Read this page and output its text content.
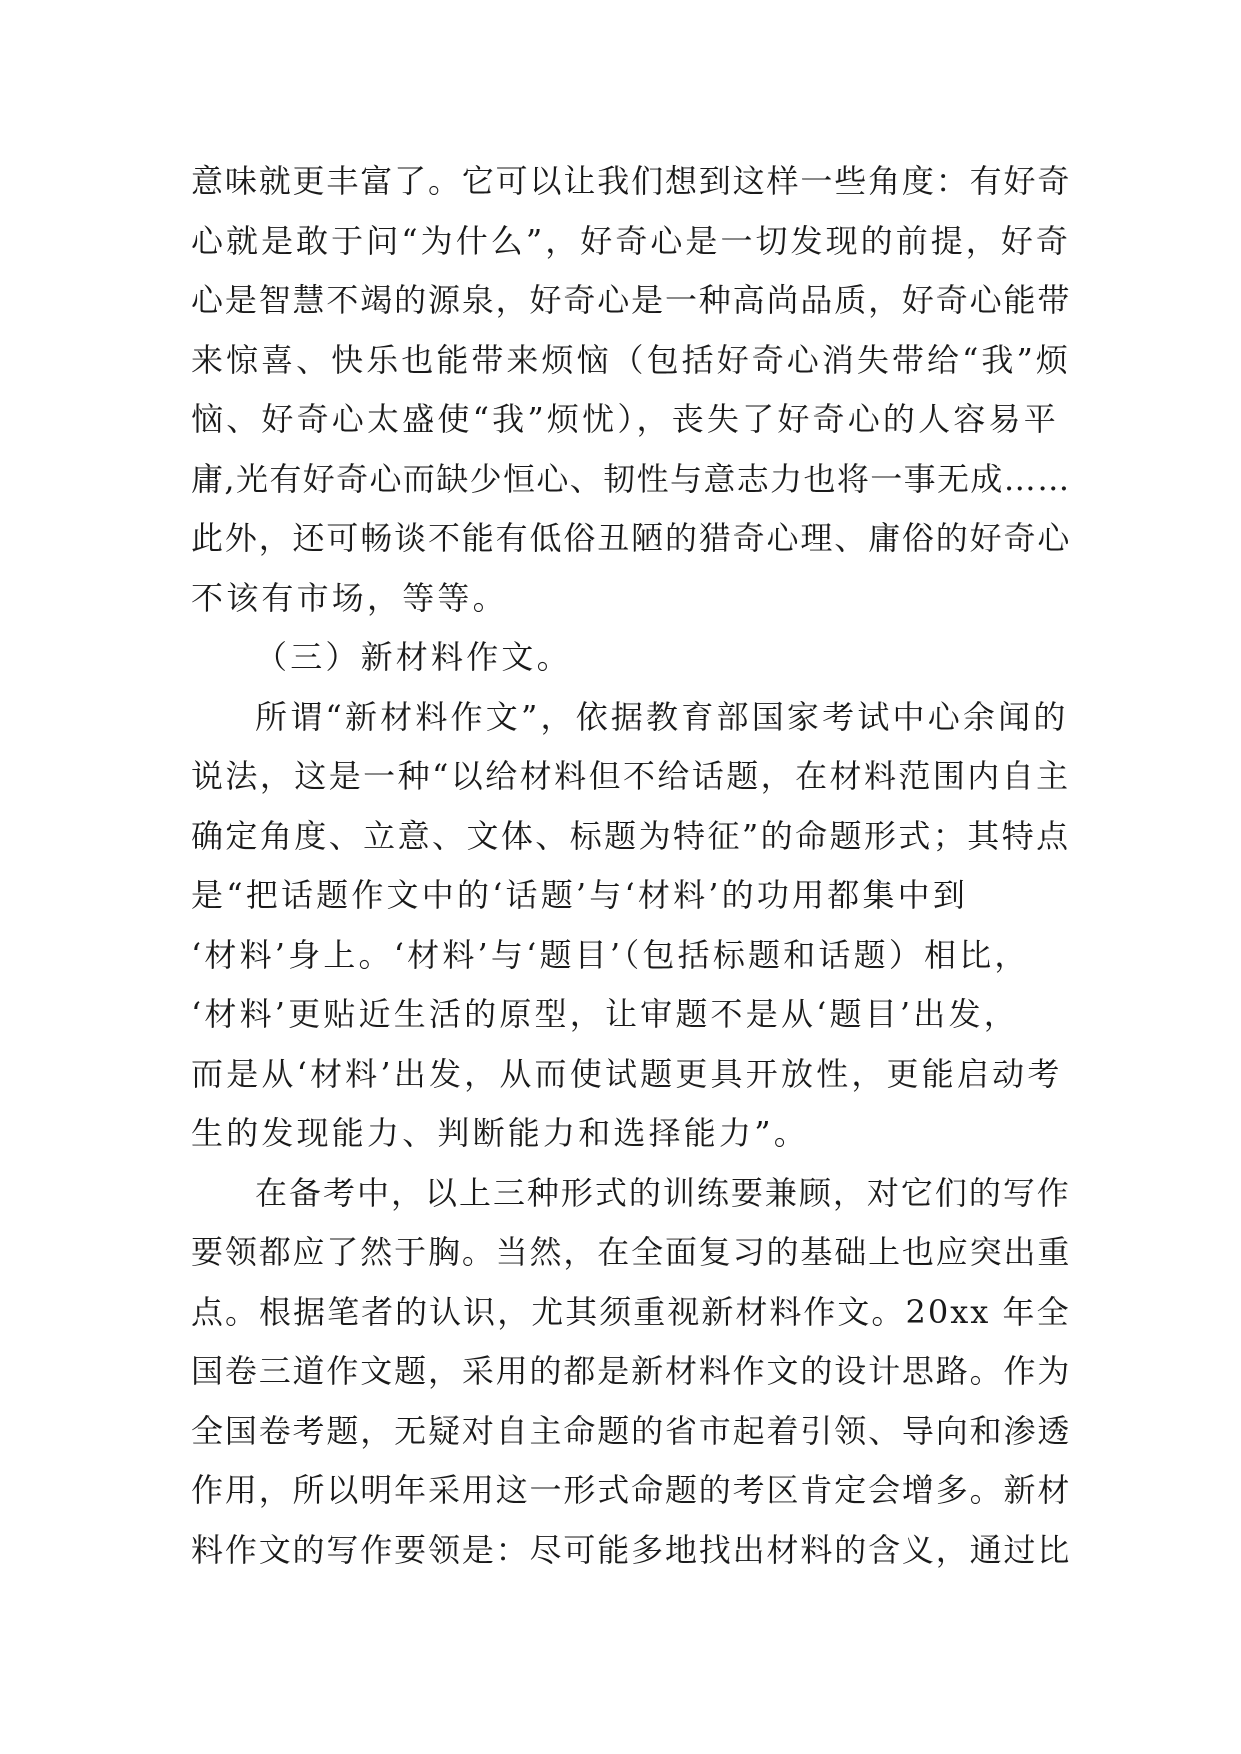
意味就更丰富了。它可以让我们想到这样一些角度：有好奇
心就是敢于问“为什么”，好奇心是一切发现的前提，好奇
心是智慧不竭的源泉，好奇心是一种高尚品质，好奇心能带
来惊喜、快乐也能带来烦恼（包括好奇心消失带给“我”烦
恼、好奇心太盛使“我”烦忧），丧失了好奇心的人容易平
庸,光有好奇心而缺少恒心、韧性与意志力也将一事无成……
此外，还可畅谈不能有低俗丑陋的猎奇心理、庸俗的好奇心
不该有市场，等等。
（三）新材料作文。
所谓“新材料作文”，依据教育部国家考试中心余闻的
说法，这是一种“以给材料但不给话题，在材料范围内自主
确定角度、立意、文体、标题为特征”的命题形式；其特点
是“把话题作文中的‘话题’与‘材料’的功用都集中到
‘材料’身上。‘材料’与‘题目’（包括标题和话题）相比，
‘材料’更贴近生活的原型，让审题不是从‘题目’出发，
而是从‘材料’出发，从而使试题更具开放性，更能启动考
生的发现能力、判断能力和选择能力”。
在备考中，以上三种形式的训练要兼顾，对它们的写作
要领都应了然于胸。当然，在全面复习的基础上也应突出重
点。根据笔者的认识，尤其须重视新材料作文。20xx 年全
国卷三道作文题，采用的都是新材料作文的设计思路。作为
全国卷考题，无疑对自主命题的省市起着引领、导向和渗透
作用，所以明年采用这一形式命题的考区肯定会增多。新材
料作文的写作要领是：尽可能多地找出材料的含义，通过比
